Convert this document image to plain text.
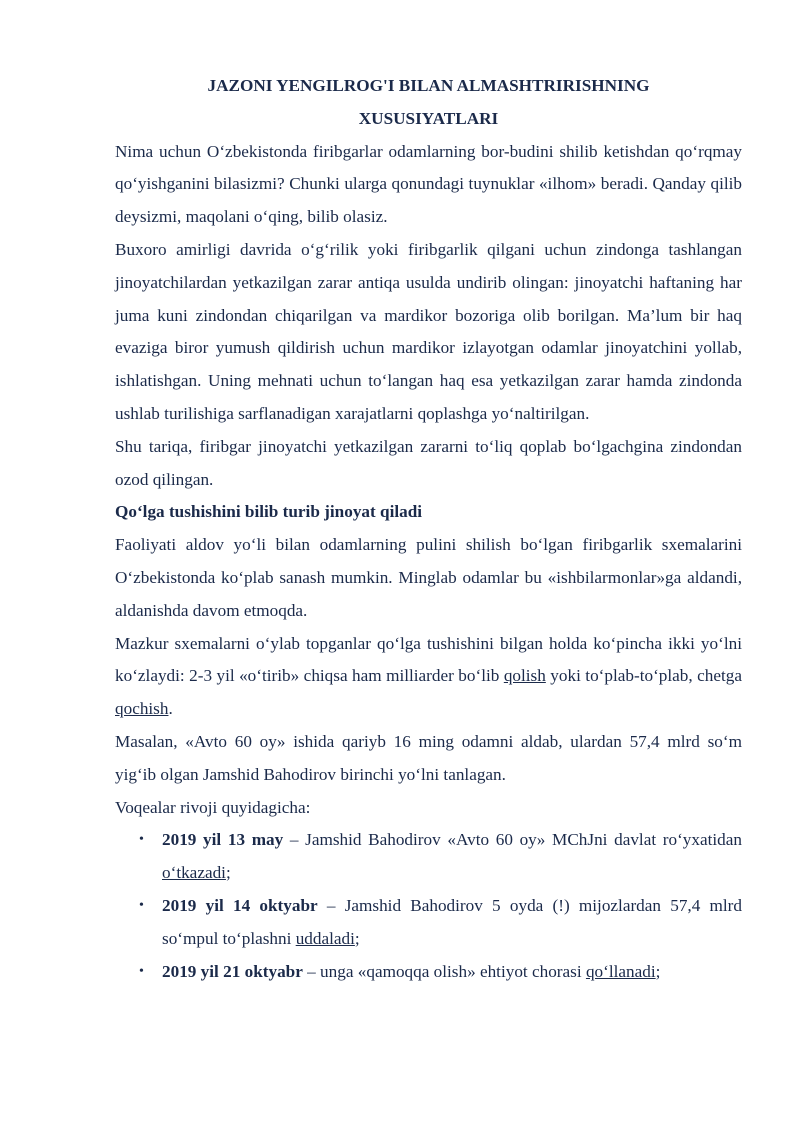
JAZONI YENGILROG'I BILAN ALMASHTRIRISHNING

XUSUSIYATLARI

Nima uchun O‘zbekistonda firibgarlar odamlarning bor-budini shilib ketishdan qo‘rqmay qo‘yishganini bilasizmi? Chunki ularga qonundagi tuynuklar «ilhom» beradi. Qanday qilib deysizmi, maqolani o‘qing, bilib olasiz.

Buxoro amirligi davrida o‘g‘rilik yoki firibgarlik qilgani uchun zindonga tashlangan jinoyatchilardan yetkazilgan zarar antiqa usulda undirib olingan: jinoyatchi haftaning har juma kuni zindondan chiqarilgan va mardikor bozoriga olib borilgan. Ma’lum bir haq evaziga biror yumush qildirish uchun mardikor izlayotgan odamlar jinoyatchini yollab, ishlatishgan. Uning mehnati uchun to‘langan haq esa yetkazilgan zarar hamda zindonda ushlab turilishiga sarflanadigan xarajatlarni qoplashga yo‘naltirilgan.

Shu tariqa, firibgar jinoyatchi yetkazilgan zararni to‘liq qoplab bo‘lgachgina zindondan ozod qilingan.

Qo‘lga tushishini bilib turib jinoyat qiladi

Faoliyati aldov yo‘li bilan odamlarning pulini shilish bo‘lgan firibgarlik sxemalarini O‘zbekistonda ko‘plab sanash mumkin. Minglab odamlar bu «ishbilarmonlar»ga aldandi, aldanishda davom etmoqda.

Mazkur sxemalarni o‘ylab topganlar qo‘lga tushishini bilgan holda ko‘pincha ikki yo‘lni ko‘zlaydi: 2-3 yil «o‘tirib» chiqsa ham milliarder bo‘lib qolish yoki to‘plab-to‘plab, chetga qochish.

Masalan, «Avto 60 oy» ishida qariyb 16 ming odamni aldab, ulardan 57,4 mlrd so‘m yig‘ib olgan Jamshid Bahodirov birinchi yo‘lni tanlagan.

Voqealar rivoji quyidagicha:

• 2019 yil 13 may – Jamshid Bahodirov «Avto 60 oy» MChJni davlat ro‘yxatidan o‘tkazadi;
• 2019 yil 14 oktyabr – Jamshid Bahodirov 5 oyda (!) mijozlardan 57,4 mlrd so‘mpul to‘plashni uddaladi;
• 2019 yil 21 oktyabr – unga «qamoqqa olish» ehtiyot chorasi qo‘llanadi;
